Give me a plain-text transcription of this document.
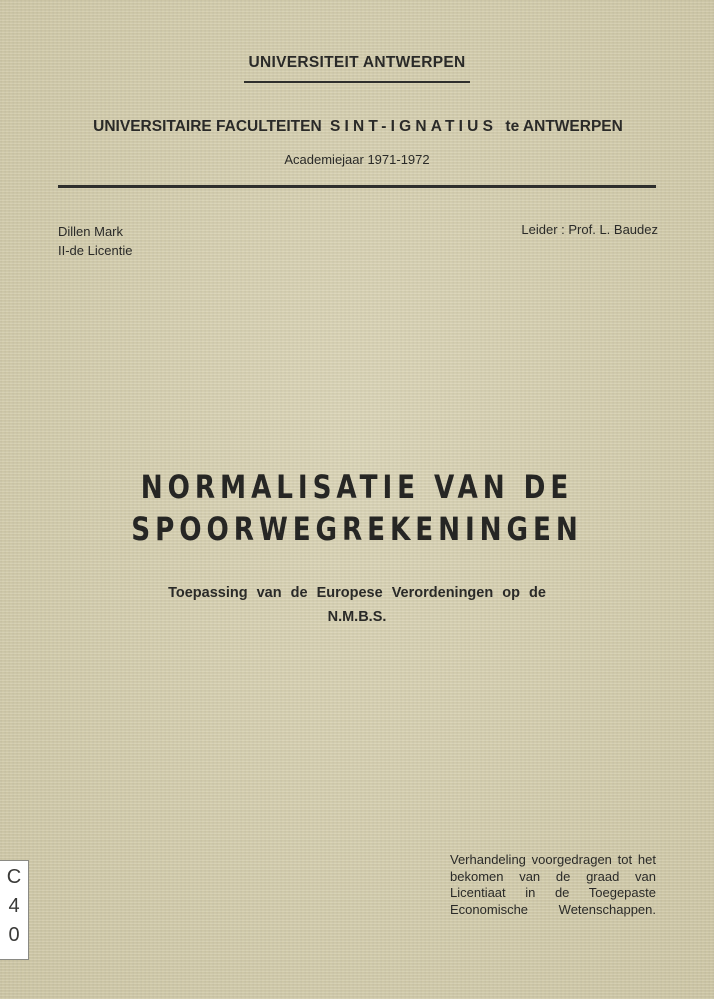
UNIVERSITEIT ANTWERPEN
UNIVERSITAIRE FACULTEITEN SINT-IGNATIUS te ANTWERPEN
Academiejaar 1971-1972
Dillen Mark
II-de Licentie
Leider : Prof. L. Baudez
NORMALISATIE VAN DE
SPOORWEGREKENINGEN
Toepassing van de Europese Verordeningen op de
N.M.B.S.
Verhandeling voorgedragen tot het bekomen van de graad van Licentiaat in de Toegepaste Economische Wetenschappen.
C
4
0
